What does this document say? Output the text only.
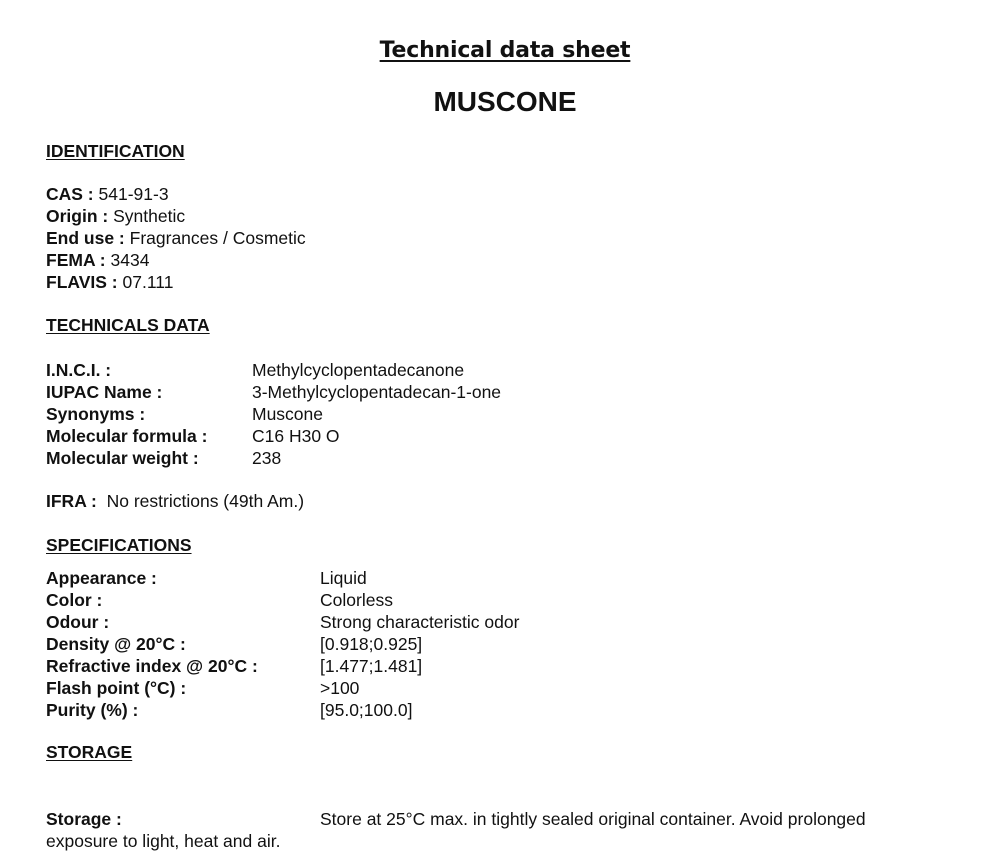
Technical data sheet
MUSCONE
IDENTIFICATION
CAS : 541-91-3
Origin : Synthetic
End use : Fragrances / Cosmetic
FEMA : 3434
FLAVIS : 07.111
TECHNICALS DATA
I.N.C.I. :	Methylcyclopentadecanone
IUPAC Name :	3-Methylcyclopentadecan-1-one
Synonyms :	Muscone
Molecular formula :	C16 H30 O
Molecular weight :	238
IFRA : No restrictions (49th Am.)
SPECIFICATIONS
Appearance :	Liquid
Color :	Colorless
Odour :	Strong characteristic odor
Density @ 20°C :	[0.918;0.925]
Refractive index @ 20°C :	[1.477;1.481]
Flash point (°C) :	>100
Purity (%) :	[95.0;100.0]
STORAGE
Storage :	Store at 25°C max. in tightly sealed original container. Avoid prolonged
exposure to light, heat and air.
